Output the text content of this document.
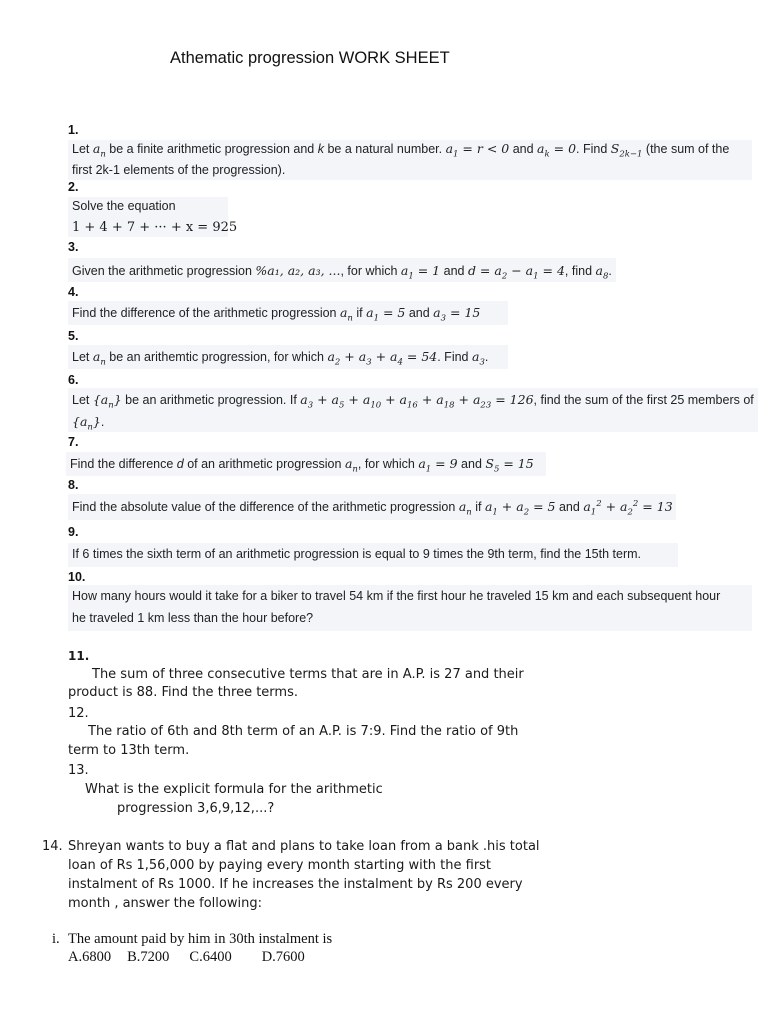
Athematic progression WORK SHEET
1.
Let $a_n$ be a finite arithmetic progression and k be a natural number. $a_1 = r < 0$ and $a_k = 0$. Find $S_{2k-1}$ (the sum of the
first 2k-1 elements of the progression).
2.
Solve the equation
1 + 4 + 7 + ··· + x = 925
3.
Given the arithmetic progression %a₁, a₂, a₃, ..., for which $a_1 = 1$ and $d = a_2 - a_1 = 4$, find $a_8$.
4.
Find the difference of the arithmetic progression $a_n$ if $a_1 = 5$ and $a_3 = 15$
5.
Let $a_n$ be an arithemtic progression, for which $a_2 + a_3 + a_4 = 54$. Find $a_3$.
6.
Let $\{a_n\}$ be an arithmetic progression. If $a_3 + a_5 + a_{10} + a_{16} + a_{18} + a_{23} = 126$, find the sum of the first 25 members of
$\{a_n\}$.
7.
Find the difference d of an arithmetic progression $a_n$, for which $a_1 = 9$ and $S_5 = 15$
8.
Find the absolute value of the difference of the arithmetic progression $a_n$ if $a_1 + a_2 = 5$ and $a_1^2 + a_2^2 = 13$
9.
If 6 times the sixth term of an arithmetic progression is equal to 9 times the 9th term, find the 15th term.
10.
How many hours would it take for a biker to travel 54 km if the first hour he traveled 15 km and each subsequent hour
he traveled 1 km less than the hour before?
11.
The sum of three consecutive terms that are in A.P. is 27 and their
product is 88. Find the three terms.
12.
The ratio of 6th and 8th term of an A.P. is 7:9. Find the ratio of 9th
term to 13th term.
13.
What is the explicit formula for the arithmetic
progression 3,6,9,12,...?
14. Shreyan wants to buy a flat and plans to take loan from a bank .his total
loan of Rs 1,56,000 by paying every month starting with the first
instalment of Rs 1000. If he increases the instalment by Rs 200 every
month , answer the following:
i. The amount paid by him in 30th instalment is
A.6800 B.7200 C.6400 D.7600
